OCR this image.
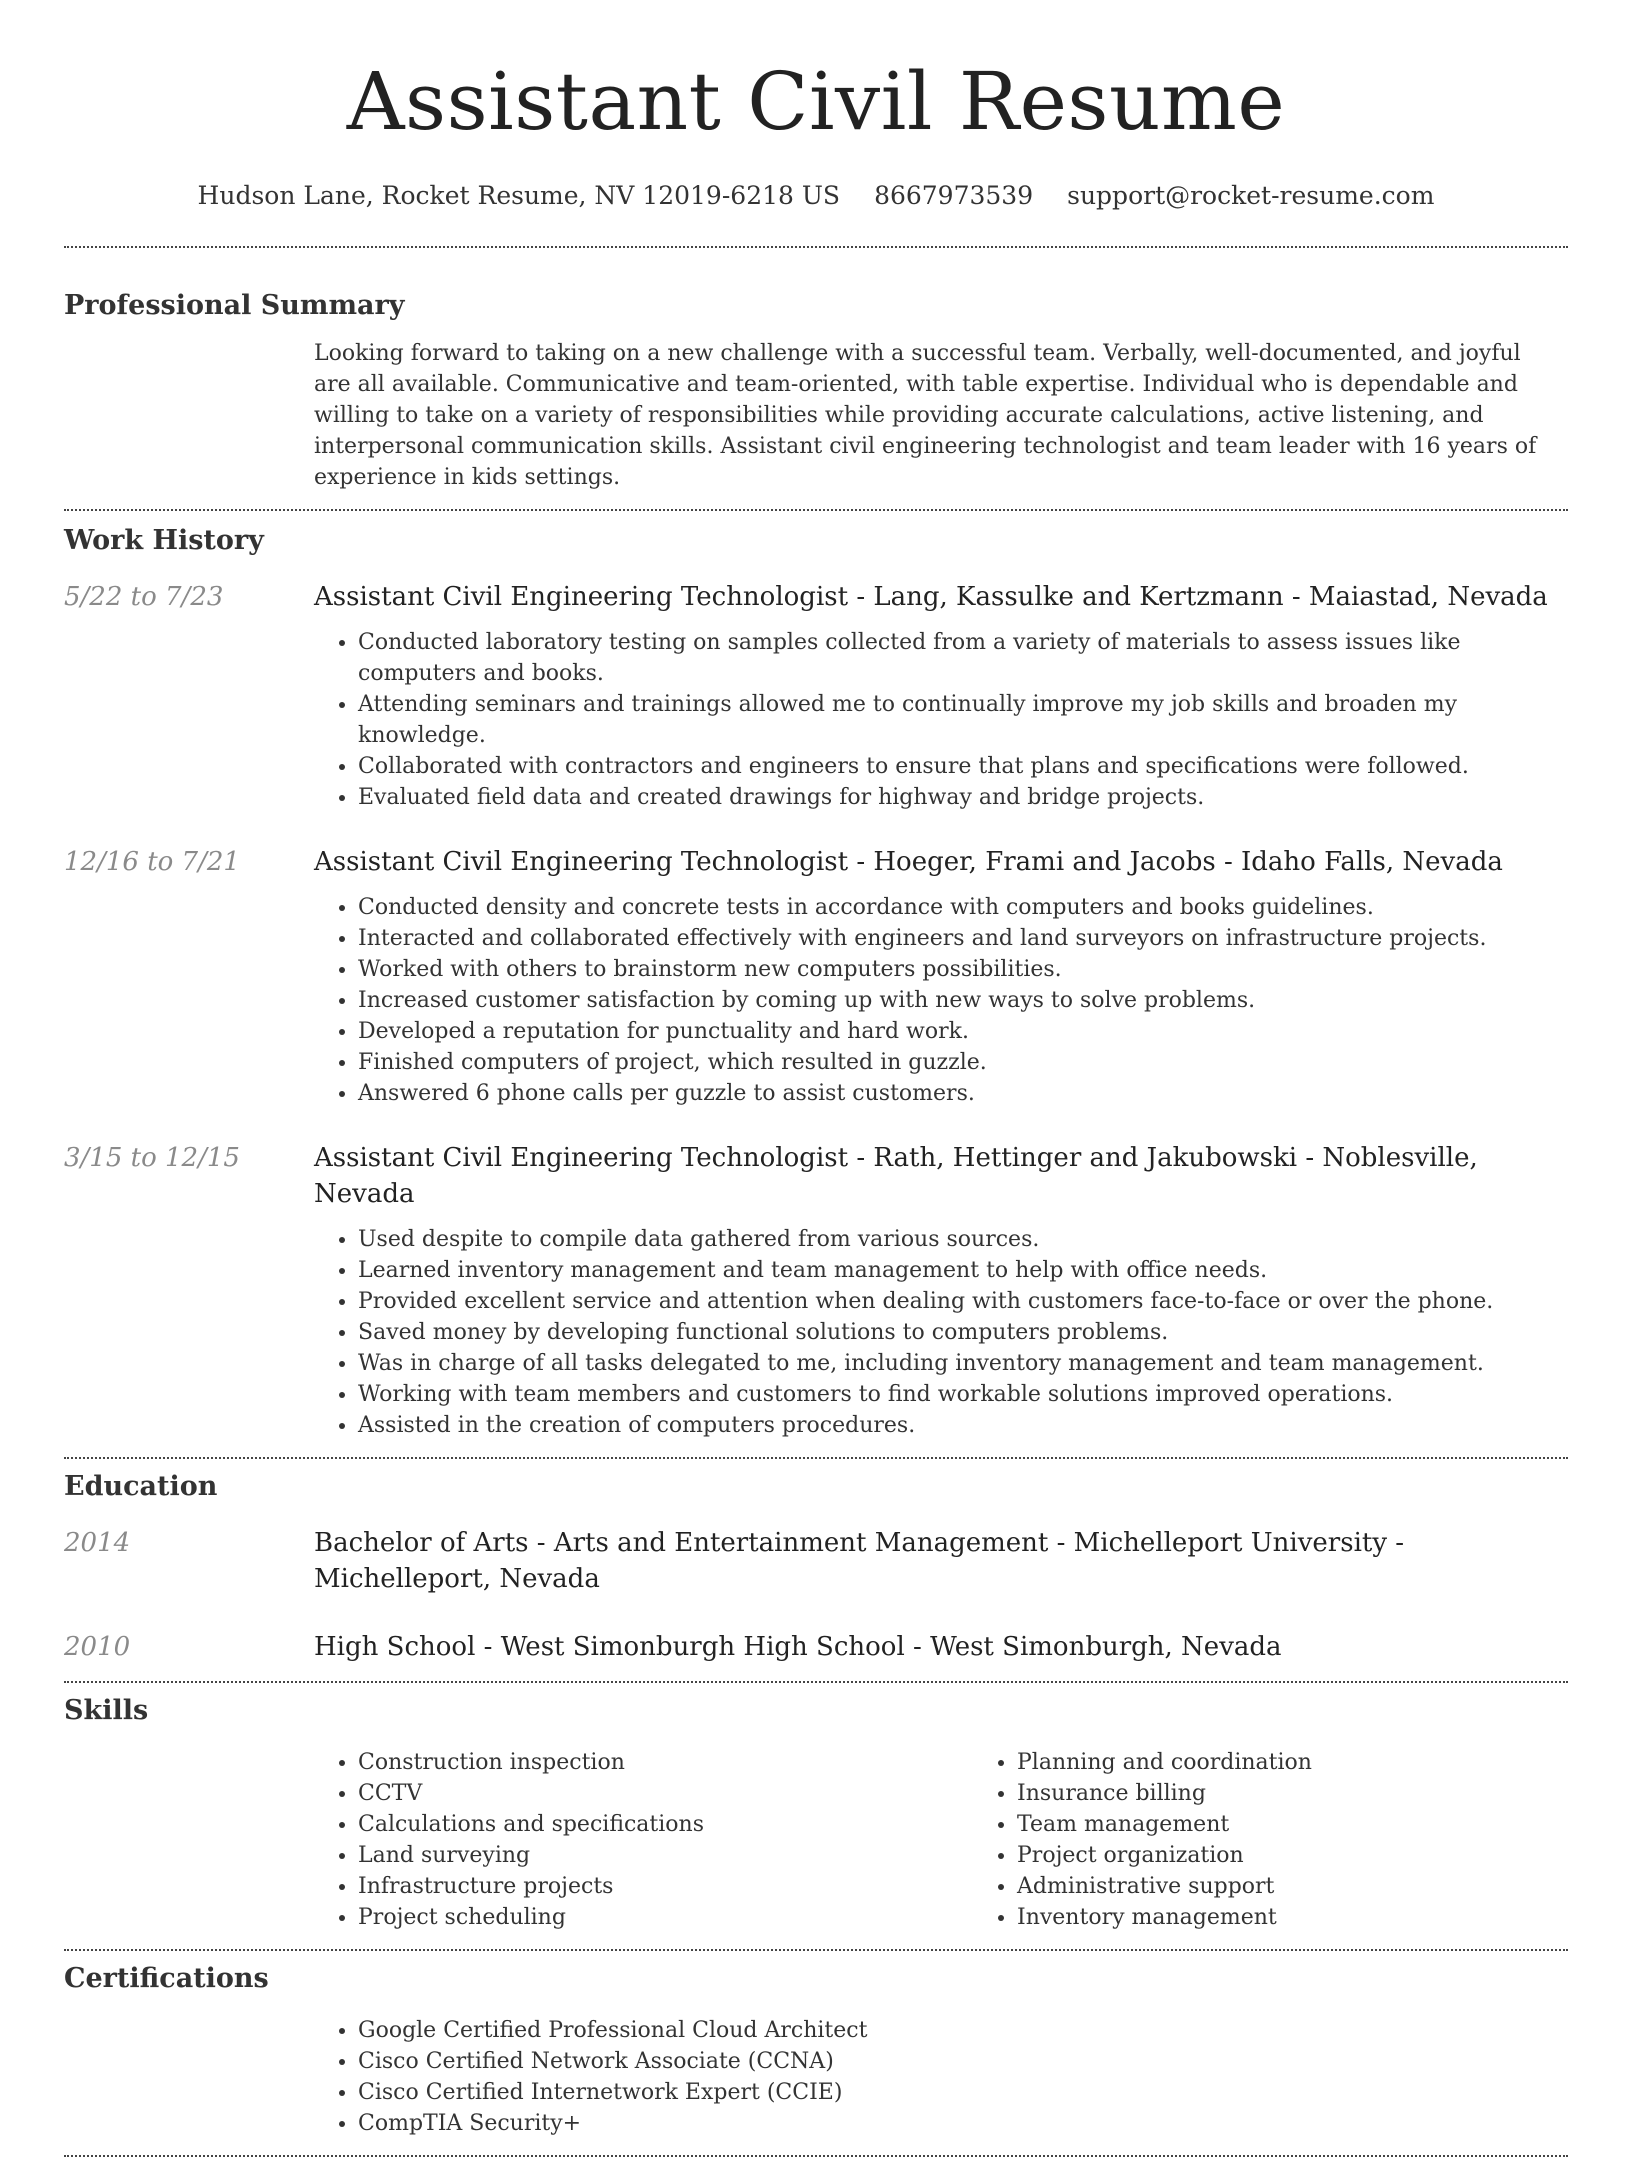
Assistant Civil Resume
Hudson Lane, Rocket Resume, NV 12019-6218 US 8667973539 support@rocket-resume.com
Professional Summary

Looking forward to taking on a new challenge with a successful team. Verbally, well-documented, and joyful are all available. Communicative and team-oriented, with table expertise. Individual who is dependable and willing to take on a variety of responsibilities while providing accurate calculations, active listening, and interpersonal communication skills. Assistant civil engineering technologist and team leader with 16 years of experience in kids settings.

Work History
5/22 to 7/23	Assistant Civil Engineering Technologist - Lang, Kassulke and Kertzmann - Maiastad, Nevada
• Conducted laboratory testing on samples collected from a variety of materials to assess issues like computers and books.
• Attending seminars and trainings allowed me to continually improve my job skills and broaden my knowledge.
• Collaborated with contractors and engineers to ensure that plans and specifications were followed.
• Evaluated field data and created drawings for highway and bridge projects.
12/16 to 7/21	Assistant Civil Engineering Technologist - Hoeger, Frami and Jacobs - Idaho Falls, Nevada
• Conducted density and concrete tests in accordance with computers and books guidelines.
• Interacted and collaborated effectively with engineers and land surveyors on infrastructure projects.
• Worked with others to brainstorm new computers possibilities.
• Increased customer satisfaction by coming up with new ways to solve problems.
• Developed a reputation for punctuality and hard work.
• Finished computers of project, which resulted in guzzle.
• Answered 6 phone calls per guzzle to assist customers.
3/15 to 12/15	Assistant Civil Engineering Technologist - Rath, Hettinger and Jakubowski - Noblesville, Nevada
• Used despite to compile data gathered from various sources.
• Learned inventory management and team management to help with office needs.
• Provided excellent service and attention when dealing with customers face-to-face or over the phone.
• Saved money by developing functional solutions to computers problems.
• Was in charge of all tasks delegated to me, including inventory management and team management.
• Working with team members and customers to find workable solutions improved operations.
• Assisted in the creation of computers procedures.
Education
2014	Bachelor of Arts - Arts and Entertainment Management - Michelleport University - Michelleport, Nevada
2010	High School - West Simonburgh High School - West Simonburgh, Nevada
Skills
• Construction inspection
• CCTV
• Calculations and specifications
• Land surveying
• Infrastructure projects
• Project scheduling
• Planning and coordination
• Insurance billing
• Team management
• Project organization
• Administrative support
• Inventory management
Certifications
• Google Certified Professional Cloud Architect
• Cisco Certified Network Associate (CCNA)
• Cisco Certified Internetwork Expert (CCIE)
• CompTIA Security+
